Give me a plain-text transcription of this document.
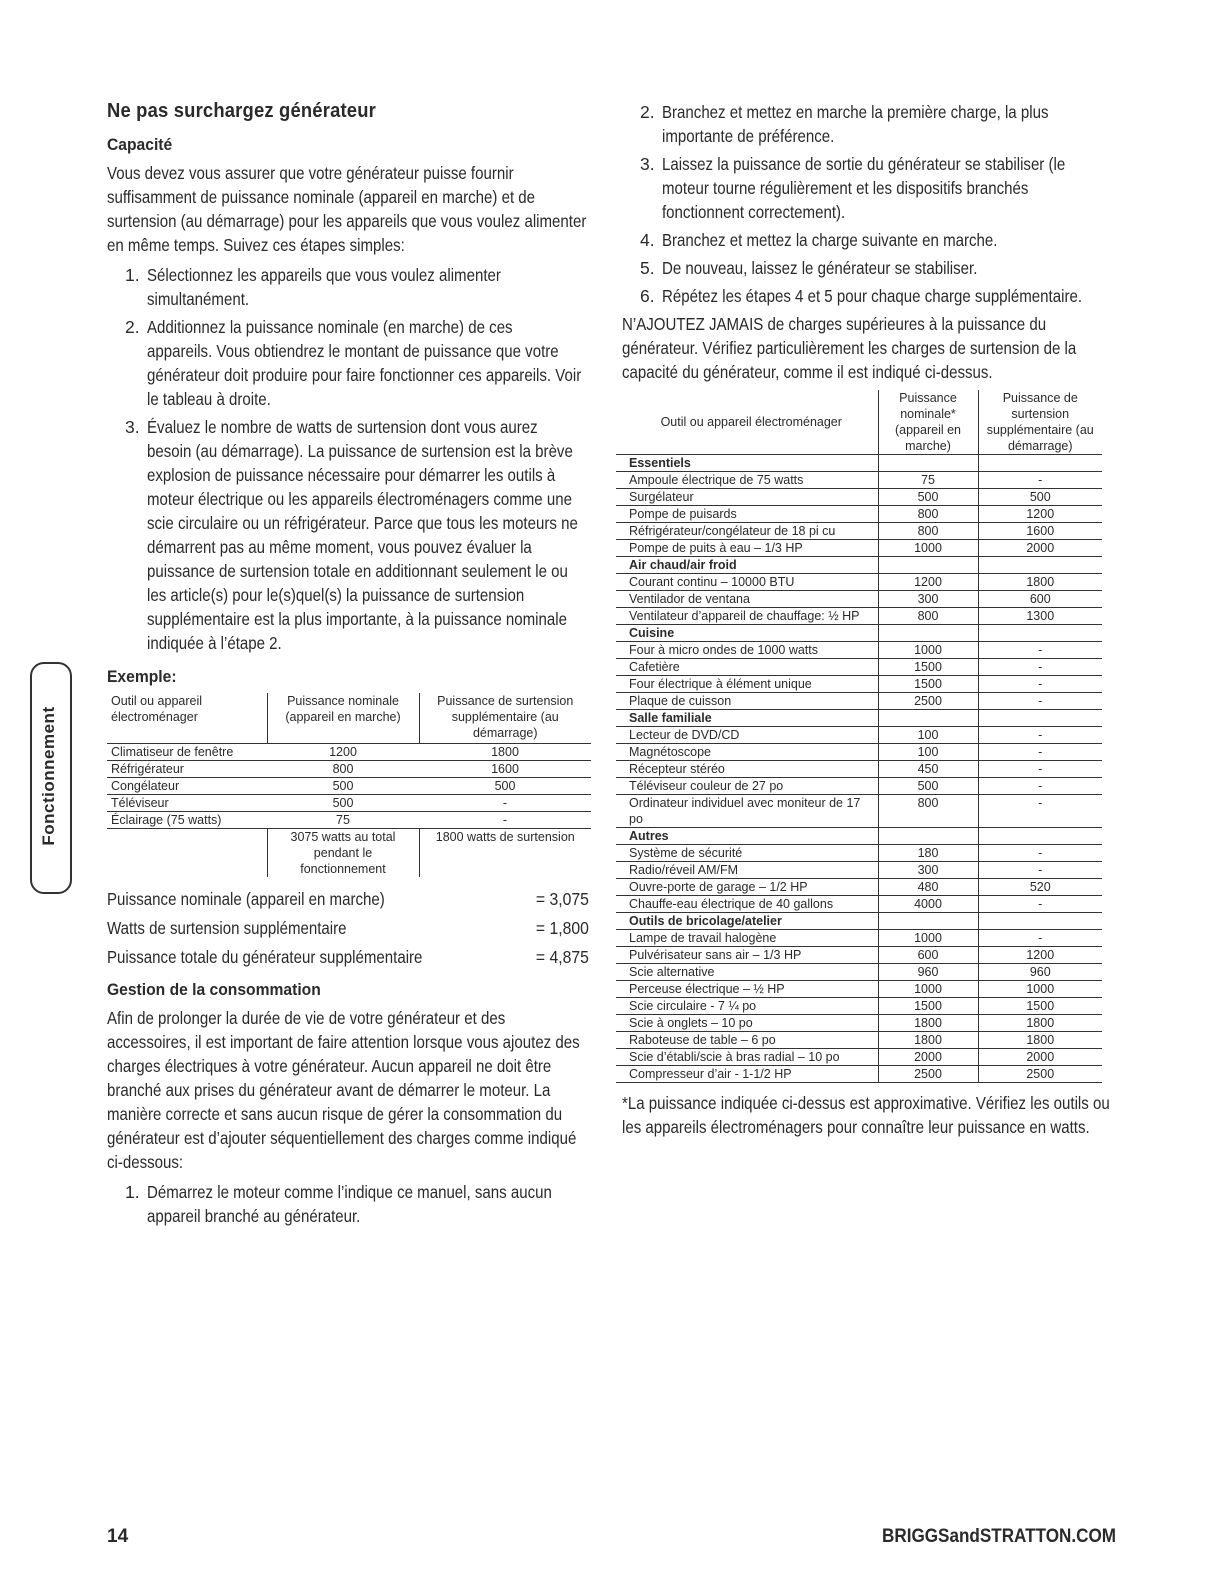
Ne pas surchargez générateur
Capacité

Vous devez vous assurer que votre générateur puisse fournir suffisamment de puissance nominale (appareil en marche) et de surtension (au démarrage) pour les appareils que vous voulez alimenter en même temps. Suivez ces étapes simples:

1. Sélectionnez les appareils que vous voulez alimenter simultanément.
2. Additionnez la puissance nominale (en marche) de ces appareils. Vous obtiendrez le montant de puissance que votre générateur doit produire pour faire fonctionner ces appareils. Voir le tableau à droite.
3. Évaluez le nombre de watts de surtension dont vous aurez besoin (au démarrage). La puissance de surtension est la brève explosion de puissance nécessaire pour démarrer les outils à moteur électrique ou les appareils électroménagers comme une scie circulaire ou un réfrigérateur. Parce que tous les moteurs ne démarrent pas au même moment, vous pouvez évaluer la puissance de surtension totale en additionnant seulement le ou les article(s) pour le(s)quel(s) la puissance de surtension supplémentaire est la plus importante, à la puissance nominale indiquée à l’étape 2.
Exemple:
Outil ou appareil électroménager	Puissance nominale (appareil en marche)	Puissance de surtension supplémentaire (au démarrage)
Climatiseur de fenêtre	1200	1800
Réfrigérateur	800	1600
Congélateur	500	500
Téléviseur	500	-
Éclairage (75 watts)	75	-
	3075 watts au total pendant le fonctionnement	1800 watts de surtension
Puissance nominale (appareil en marche)	= 3,075
Watts de surtension supplémentaire	= 1,800
Puissance totale du générateur supplémentaire	= 4,875
Gestion de la consommation

Afin de prolonger la durée de vie de votre générateur et des accessoires, il est important de faire attention lorsque vous ajoutez des charges électriques à votre générateur. Aucun appareil ne doit être branché aux prises du générateur avant de démarrer le moteur. La manière correcte et sans aucun risque de gérer la consommation du générateur est d’ajouter séquentiellement des charges comme indiqué ci-dessous:

1. Démarrez le moteur comme l’indique ce manuel, sans aucun appareil branché au générateur.
2. Branchez et mettez en marche la première charge, la plus importante de préférence.
3. Laissez la puissance de sortie du générateur se stabiliser (le moteur tourne régulièrement et les dispositifs branchés fonctionnent correctement).
4. Branchez et mettez la charge suivante en marche.
5. De nouveau, laissez le générateur se stabiliser.
6. Répétez les étapes 4 et 5 pour chaque charge supplémentaire.

N’AJOUTEZ JAMAIS de charges supérieures à la puissance du générateur. Vérifiez particulièrement les charges de surtension de la capacité du générateur, comme il est indiqué ci-dessus.

Outil ou appareil électroménager	Puissance nominale* (appareil en marche)	Puissance de surtension supplémentaire (au démarrage)
Essentiels		
Ampoule électrique de 75 watts	75	-
Surgélateur	500	500
Pompe de puisards	800	1200
Réfrigérateur/congélateur de 18 pi cu	800	1600
Pompe de puits à eau – 1/3 HP	1000	2000
Air chaud/air froid		
Courant continu – 10000 BTU	1200	1800
Ventilador de ventana	300	600
Ventilateur d’appareil de chauffage: ½ HP	800	1300
Cuisine		
Four à micro ondes de 1000 watts	1000	-
Cafetière	1500	-
Four électrique à élément unique	1500	-
Plaque de cuisson	2500	-
Salle familiale		
Lecteur de DVD/CD	100	-
Magnétoscope	100	-
Récepteur stéréo	450	-
Téléviseur couleur de 27 po	500	-
Ordinateur individuel avec moniteur de 17 po	800	-
Autres		
Système de sécurité	180	-
Radio/réveil AM/FM	300	-
Ouvre-porte de garage – 1/2 HP	480	520
Chauffe-eau électrique de 40 gallons	4000	-
Outils de bricolage/atelier		
Lampe de travail halogène	1000	-
Pulvérisateur sans air – 1/3 HP	600	1200
Scie alternative	960	960
Perceuse électrique – ½ HP	1000	1000
Scie circulaire - 7 ¼ po	1500	1500
Scie à onglets – 10 po	1800	1800
Raboteuse de table – 6 po	1800	1800
Scie d’établi/scie à bras radial – 10 po	2000	2000
Compresseur d’air - 1-1/2 HP	2500	2500

*La puissance indiquée ci-dessus est approximative. Vérifiez les outils ou les appareils électroménagers pour connaître leur puissance en watts.

Fonctionnement
14	BRIGGSandSTRATTON.COM
